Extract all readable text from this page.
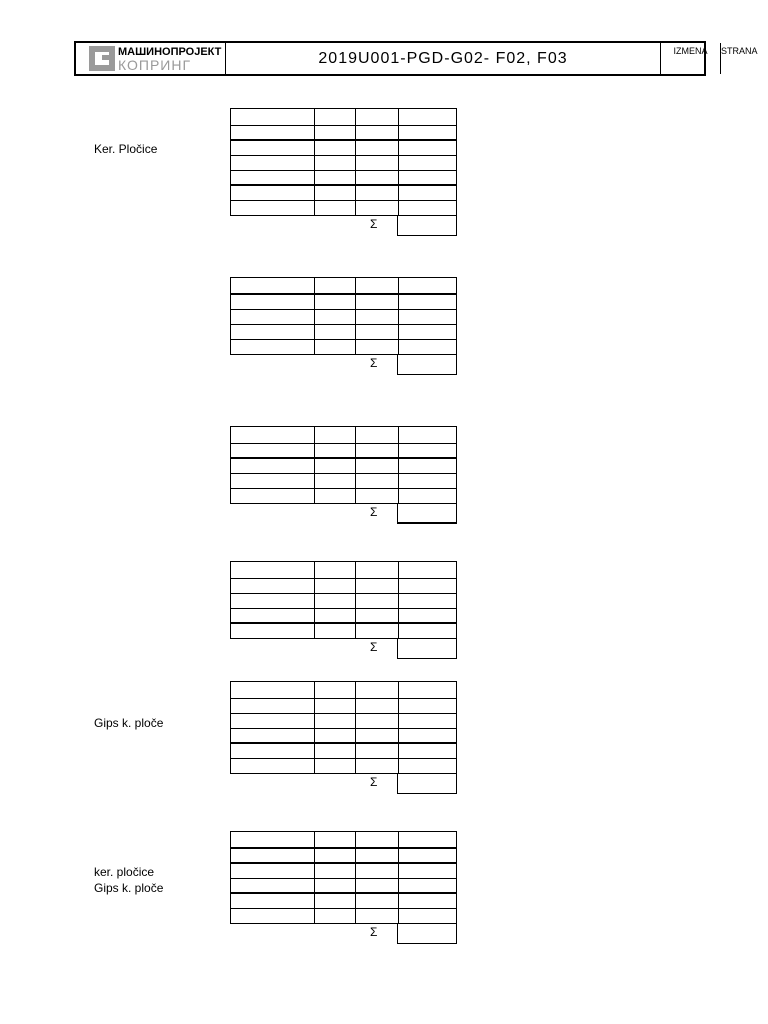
МАШИНОПРОЈЕКТ
КОПРИНГ	2019U001-PGD-G02- F02, F03	IZMENA	STRANA
Σ
Ker. Pločice
Σ
Σ
Σ
Σ
Gips k. ploče
Σ
ker. pločice
Gips k. ploče
